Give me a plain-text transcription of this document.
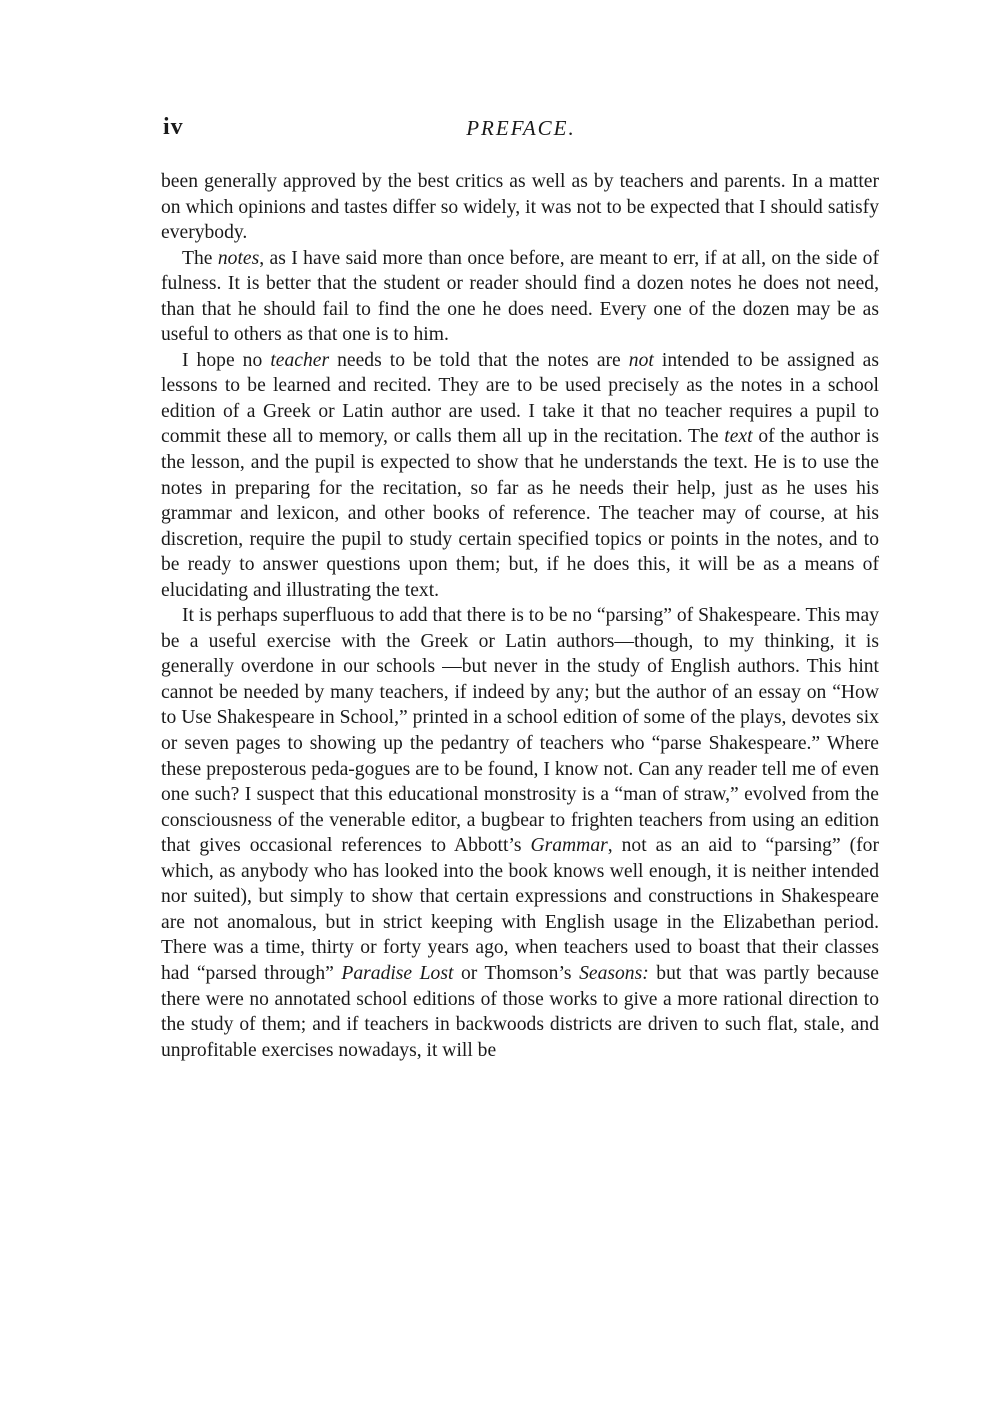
iv	PREFACE.

been generally approved by the best critics as well as by teachers and parents. In a matter on which opinions and tastes differ so widely, it was not to be expected that I should satisfy everybody.

The notes, as I have said more than once before, are meant to err, if at all, on the side of fulness. It is better that the student or reader should find a dozen notes he does not need, than that he should fail to find the one he does need. Every one of the dozen may be as useful to others as that one is to him.

I hope no teacher needs to be told that the notes are not intended to be assigned as lessons to be learned and recited. They are to be used precisely as the notes in a school edition of a Greek or Latin author are used. I take it that no teacher requires a pupil to commit these all to memory, or calls them all up in the recitation. The text of the author is the lesson, and the pupil is expected to show that he understands the text. He is to use the notes in preparing for the recitation, so far as he needs their help, just as he uses his grammar and lexicon, and other books of reference. The teacher may of course, at his discretion, require the pupil to study certain specified topics or points in the notes, and to be ready to answer questions upon them; but, if he does this, it will be as a means of elucidating and illustrating the text.

It is perhaps superfluous to add that there is to be no “parsing” of Shakespeare. This may be a useful exercise with the Greek or Latin authors—though, to my thinking, it is generally overdone in our schools —but never in the study of English authors. This hint cannot be needed by many teachers, if indeed by any; but the author of an essay on “How to Use Shakespeare in School,” printed in a school edition of some of the plays, devotes six or seven pages to showing up the pedantry of teachers who “parse Shakespeare.” Where these preposterous peda-gogues are to be found, I know not. Can any reader tell me of even one such? I suspect that this educational monstrosity is a “man of straw,” evolved from the consciousness of the venerable editor, a bugbear to frighten teachers from using an edition that gives occasional references to Abbott’s Grammar, not as an aid to “parsing” (for which, as anybody who has looked into the book knows well enough, it is neither intended nor suited), but simply to show that certain expressions and constructions in Shakespeare are not anomalous, but in strict keeping with English usage in the Elizabethan period. There was a time, thirty or forty years ago, when teachers used to boast that their classes had “parsed through” Paradise Lost or Thomson’s Seasons: but that was partly because there were no annotated school editions of those works to give a more rational direction to the study of them; and if teachers in backwoods districts are driven to such flat, stale, and unprofitable exercises nowadays, it will be
